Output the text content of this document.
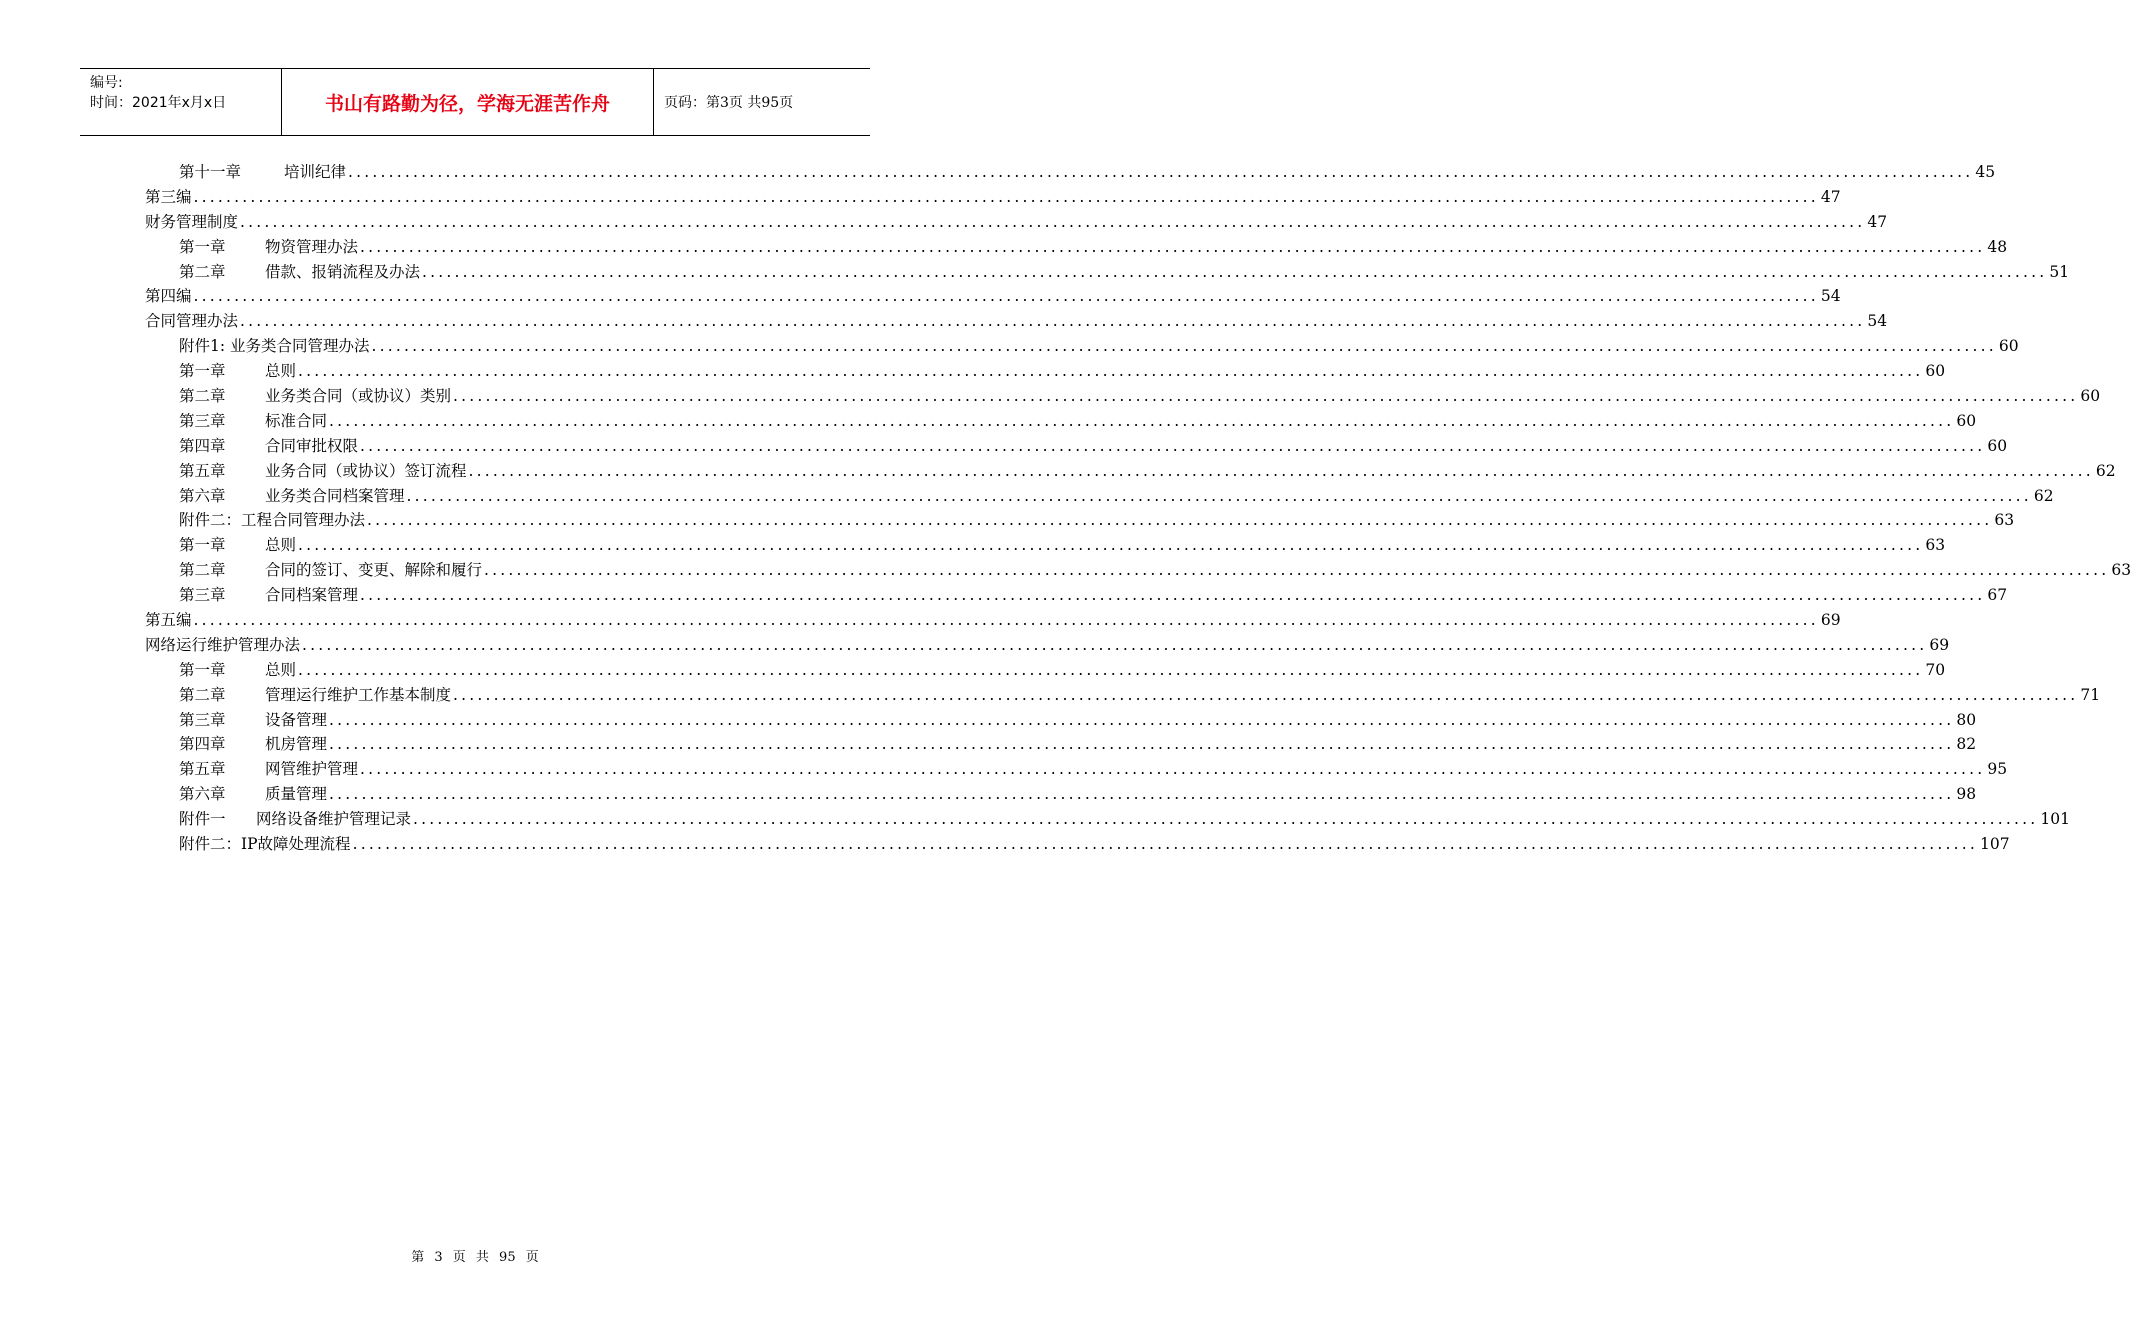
编号:
时间：2021年x月x日	书山有路勤为径，学海无涯苦作舟	页码：第3页 共95页
第十一章	培训纪律 ........................................................................................................................................................................................................ 45
第三编 ........................................................................................................................................................................................................ 47
财务管理制度 ........................................................................................................................................................................................................ 47
第一章	物资管理办法 ........................................................................................................................................................................................................ 48
第二章	借款、报销流程及办法 ........................................................................................................................................................................................................ 51
第四编 ........................................................................................................................................................................................................ 54
合同管理办法 ........................................................................................................................................................................................................ 54
附件1: 业务类合同管理办法 ........................................................................................................................................................................................................ 60
第一章	总则 ........................................................................................................................................................................................................ 60
第二章	业务类合同（或协议）类别 ........................................................................................................................................................................................................ 60
第三章	标准合同 ........................................................................................................................................................................................................ 60
第四章	合同审批权限 ........................................................................................................................................................................................................ 60
第五章	业务合同（或协议）签订流程 ........................................................................................................................................................................................................ 62
第六章	业务类合同档案管理 ........................................................................................................................................................................................................ 62
附件二：工程合同管理办法 ........................................................................................................................................................................................................ 63
第一章	总则 ........................................................................................................................................................................................................ 63
第二章	合同的签订、变更、解除和履行 ........................................................................................................................................................................................................ 63
第三章	合同档案管理 ........................................................................................................................................................................................................ 67
第五编 ........................................................................................................................................................................................................ 69
网络运行维护管理办法 ........................................................................................................................................................................................................ 69
第一章	总则 ........................................................................................................................................................................................................ 70
第二章	管理运行维护工作基本制度 ........................................................................................................................................................................................................ 71
第三章	设备管理 ........................................................................................................................................................................................................ 80
第四章	机房管理 ........................................................................................................................................................................................................ 82
第五章	网管维护管理 ........................................................................................................................................................................................................ 95
第六章	质量管理 ........................................................................................................................................................................................................ 98
附件一	网络设备维护管理记录 ........................................................................................................................................................................................................ 101
附件二：IP故障处理流程 ........................................................................................................................................................................................................ 107
第 3 页 共 95 页
